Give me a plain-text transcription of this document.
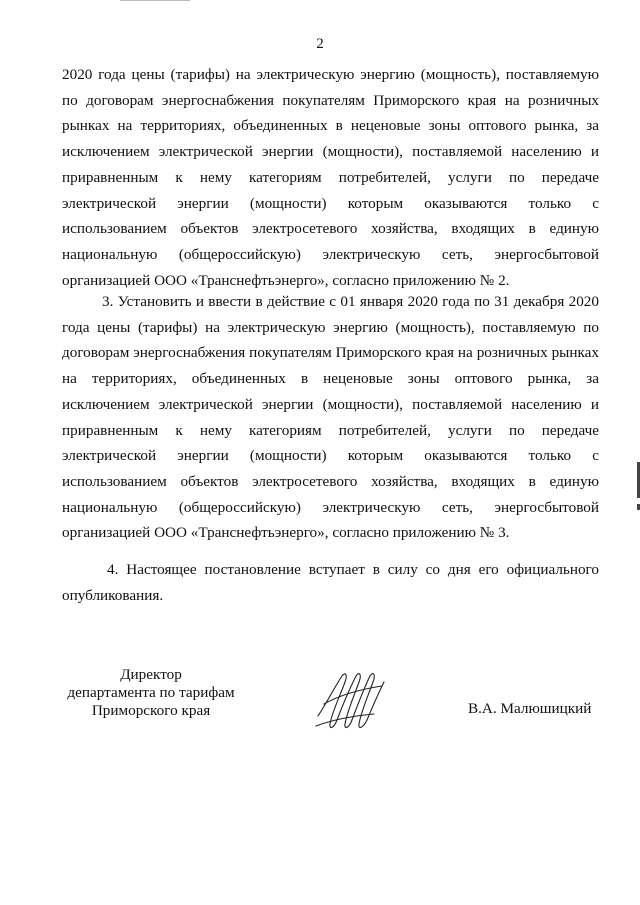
2

2020 года цены (тарифы) на электрическую энергию (мощность), поставляемую по договорам энергоснабжения покупателям Приморского края на розничных рынках на территориях, объединенных в неценовые зоны оптового рынка, за исключением электрической энергии (мощности), поставляемой населению и приравненным к нему категориям потребителей, услуги по передаче электрической энергии (мощности) которым оказываются только с использованием объектов электросетевого хозяйства, входящих в единую национальную (общероссийскую) электрическую сеть, энергосбытовой организацией ООО «Транснефтьэнерго», согласно приложению № 2.

3. Установить и ввести в действие с 01 января 2020 года по 31 декабря 2020 года цены (тарифы) на электрическую энергию (мощность), поставляемую по договорам энергоснабжения покупателям Приморского края на розничных рынках на территориях, объединенных в неценовые зоны оптового рынка, за исключением электрической энергии (мощности), поставляемой населению и приравненным к нему категориям потребителей, услуги по передаче электрической энергии (мощности) которым оказываются только с использованием объектов электросетевого хозяйства, входящих в единую национальную (общероссийскую) электрическую сеть, энергосбытовой организацией ООО «Транснефтьэнерго», согласно приложению № 3.

4. Настоящее постановление вступает в силу со дня его официального опубликования.

Директор
департамента по тарифам
Приморского края	В.А. Малюшицкий
